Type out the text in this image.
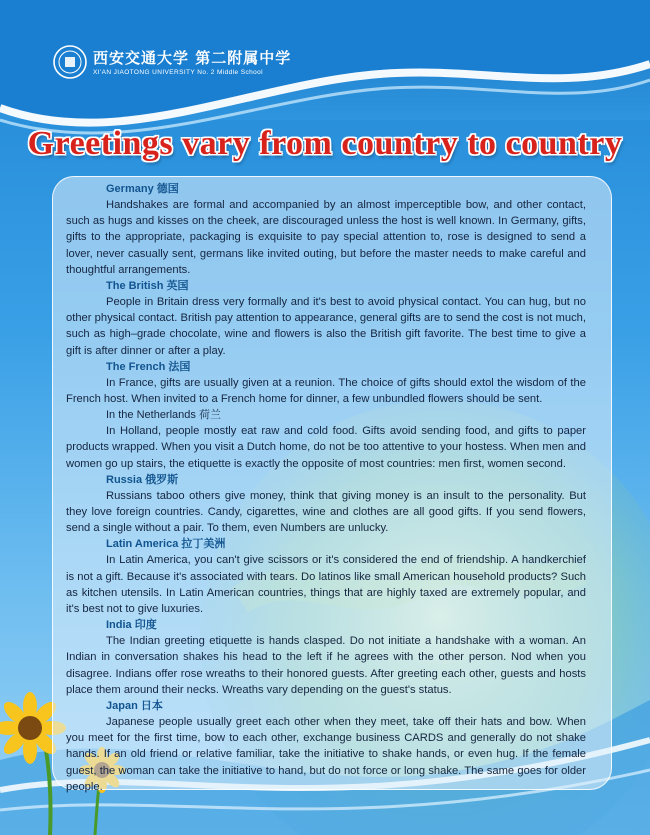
西安交通大学 第二附属中学
XI'AN JIAOTONG UNIVERSITY No. 2 Middle School
Greetings vary from country to country
Germany 德国

Handshakes are formal and accompanied by an almost imperceptible bow, and other contact, such as hugs and kisses on the cheek, are discouraged unless the host is well known. In Germany, gifts, gifts to the appropriate, packaging is exquisite to pay special attention to, rose is designed to send a lover, never casually sent, germans like invited outing, but before the master needs to make careful and thoughtful arrangements.

The British 英国

People in Britain dress very formally and it's best to avoid physical contact. You can hug, but no other physical contact. British pay attention to appearance, general gifts are to send the cost is not much, such as high–grade chocolate, wine and flowers is also the British gift favorite. The best time to give a gift is after dinner or after a play.

The French 法国

In France, gifts are usually given at a reunion. The choice of gifts should extol the wisdom of the French host. When invited to a French home for dinner, a few unbundled flowers should be sent.

In the Netherlands 荷兰

In Holland, people mostly eat raw and cold food. Gifts avoid sending food, and gifts to paper products wrapped. When you visit a Dutch home, do not be too attentive to your hostess. When men and women go up stairs, the etiquette is exactly the opposite of most countries: men first, women second.

Russia 俄罗斯

Russians taboo others give money, think that giving money is an insult to the personality. But they love foreign countries. Candy, cigarettes, wine and clothes are all good gifts. If you send flowers, send a single without a pair. To them, even Numbers are unlucky.

Latin America 拉丁美洲

In Latin America, you can't give scissors or it's considered the end of friendship. A handkerchief is not a gift. Because it's associated with tears. Do latinos like small American household products? Such as kitchen utensils. In Latin American countries, things that are highly taxed are extremely popular, and it's best not to give luxuries.

India 印度

The Indian greeting etiquette is hands clasped. Do not initiate a handshake with a woman. An Indian in conversation shakes his head to the left if he agrees with the other person. Nod when you disagree. Indians offer rose wreaths to their honored guests. After greeting each other, guests and hosts place them around their necks. Wreaths vary depending on the guest's status.

Japan 日本

Japanese people usually greet each other when they meet, take off their hats and bow. When you meet for the first time, bow to each other, exchange business CARDS and generally do not shake hands. If an old friend or relative familiar, take the initiative to shake hands, or even hug. If the female guest, the woman can take the initiative to hand, but do not force or long shake. The same goes for older people.
